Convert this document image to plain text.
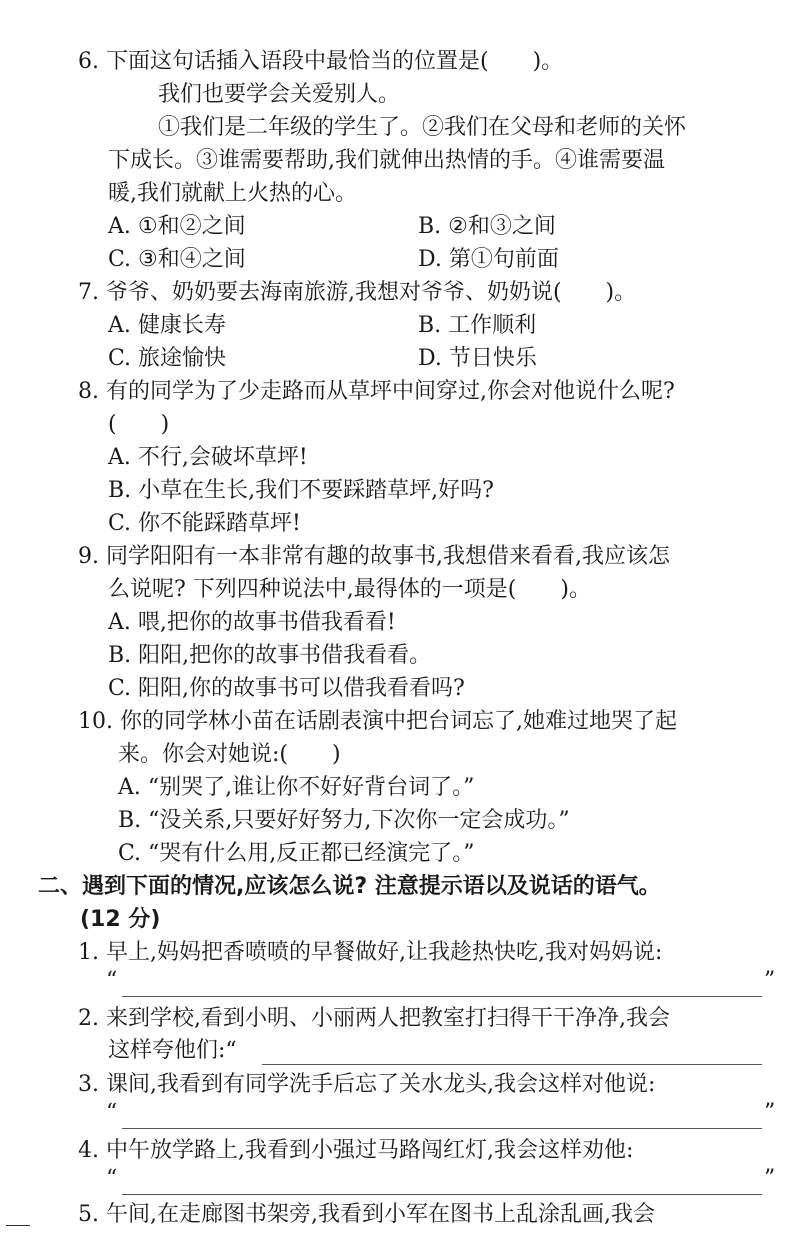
6. 下面这句话插入语段中最恰当的位置是(　　)。
我们也要学会关爱别人。
①我们是二年级的学生了。②我们在父母和老师的关怀
下成长。③谁需要帮助,我们就伸出热情的手。④谁需要温
暖,我们就献上火热的心。
A. ①和②之间	B. ②和③之间
C. ③和④之间	D. 第①句前面
7. 爷爷、奶奶要去海南旅游,我想对爷爷、奶奶说(　　)。
A. 健康长寿	B. 工作顺利
C. 旅途愉快	D. 节日快乐
8. 有的同学为了少走路而从草坪中间穿过,你会对他说什么呢?
(　　)
A. 不行,会破坏草坪!
B. 小草在生长,我们不要踩踏草坪,好吗?
C. 你不能踩踏草坪!
9. 同学阳阳有一本非常有趣的故事书,我想借来看看,我应该怎
么说呢? 下列四种说法中,最得体的一项是(　　)。
A. 喂,把你的故事书借我看看!
B. 阳阳,把你的故事书借我看看。
C. 阳阳,你的故事书可以借我看看吗?
10. 你的同学林小苗在话剧表演中把台词忘了,她难过地哭了起
来。你会对她说:(　　)
A. “别哭了,谁让你不好好背台词了。”
B. “没关系,只要好好努力,下次你一定会成功。”
C. “哭有什么用,反正都已经演完了。”
二、遇到下面的情况,应该怎么说? 注意提示语以及说话的语气。
(12 分)
1. 早上,妈妈把香喷喷的早餐做好,让我趁热快吃,我对妈妈说:
“	”
2. 来到学校,看到小明、小丽两人把教室打扫得干干净净,我会
这样夸他们:“
3. 课间,我看到有同学洗手后忘了关水龙头,我会这样对他说:
“	”
4. 中午放学路上,我看到小强过马路闯红灯,我会这样劝他:
“	”
5. 午间,在走廊图书架旁,我看到小军在图书上乱涂乱画,我会
